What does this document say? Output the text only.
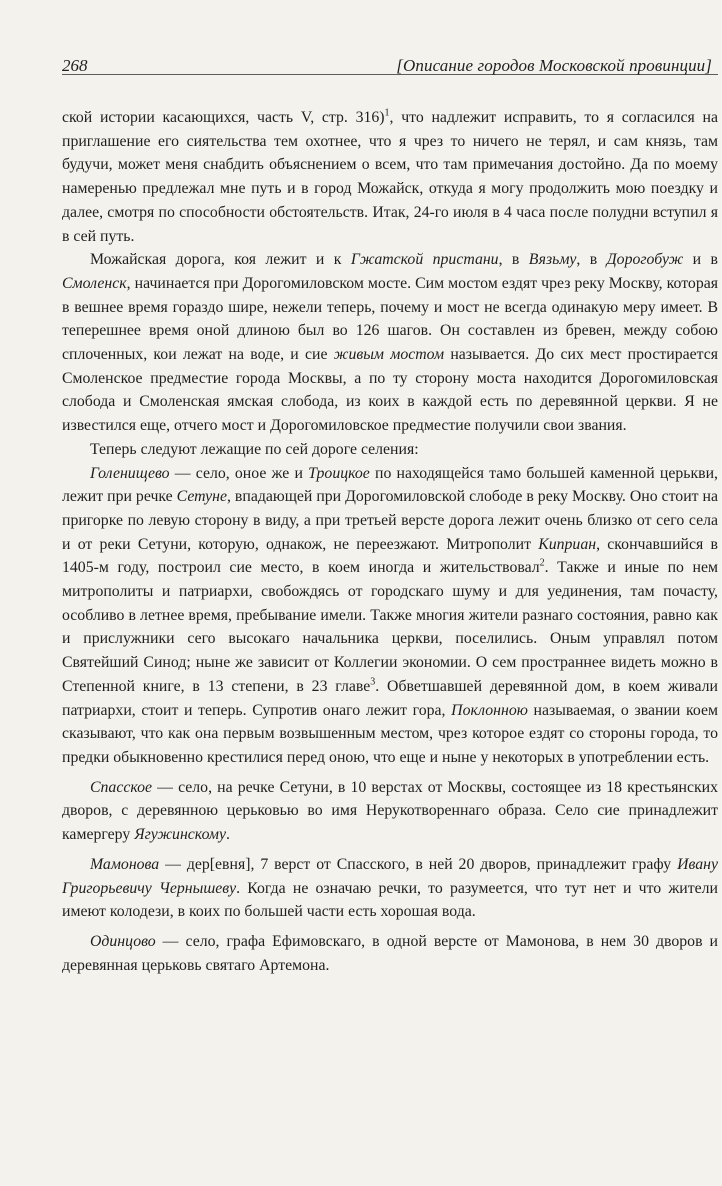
268	[Описание городов Московской провинции]

ской истории касающихся, часть V, стр. 316)$^1$, что надлежит исправить, то я согласился на приглашение его сиятельства тем охотнее, что я чрез то ничего не терял, и сам князь, там будучи, может меня снабдить объяснением о всем, что там примечания достойно. Да по моему намеренью предлежал мне путь и в город Можайск, откуда я могу продолжить мою поездку и далее, смотря по способности обстоятельств. Итак, 24-го июля в 4 часа после полудни вступил я в сей путь.

Можайская дорога, коя лежит и к Гжатской пристани, в Вязьму, в Дорогобуж и в Смоленск, начинается при Дорогомиловском мосте. Сим мостом ездят чрез реку Москву, которая в вешнее время гораздо шире, нежели теперь, почему и мост не всегда одинакую меру имеет. В теперешнее время оной длиною был во 126 шагов. Он составлен из бревен, между собою сплоченных, кои лежат на воде, и сие живым мостом называется. До сих мест простирается Смоленское предместие города Москвы, а по ту сторону моста находится Дорогомиловская слобода и Смоленская ямская слобода, из коих в каждой есть по деревянной церкви. Я не известился еще, отчего мост и Дорогомиловское предместие получили свои звания.

Теперь следуют лежащие по сей дороге селения:

Голенищево — село, оное же и Троицкое по находящейся тамо большей каменной церькви, лежит при речке Сетуне, впадающей при Дорогомиловской слободе в реку Москву. Оно стоит на пригорке по левую сторону в виду, а при третьей версте дорога лежит очень близко от сего села и от реки Сетуни, которую, однакож, не переезжают. Митрополит Киприан, скончавшийся в 1405-м году, построил сие место, в коем иногда и жительствовал$^2$. Также и иные по нем митрополиты и патриархи, свобождясь от городскаго шуму и для уединения, там почасту, особливо в летнее время, пребывание имели. Также многия жители разнаго состояния, равно как и прислужники сего высокаго начальника церкви, поселились. Оным управлял потом Святейший Синод; ныне же зависит от Коллегии экономии. О сем пространнее видеть можно в Степенной книге, в 13 степени, в 23 главе$^3$. Обветшавшей деревянной дом, в коем живали патриархи, стоит и теперь. Супротив онаго лежит гора, Поклонною называемая, о звании коем сказывают, что как она первым возвышенным местом, чрез которое ездят со стороны города, то предки обыкновенно крестилися перед оною, что еще и ныне у некоторых в употреблении есть.

Спасское — село, на речке Сетуни, в 10 верстах от Москвы, состоящее из 18 крестьянских дворов, с деревянною церьковью во имя Нерукотвореннаго образа. Село сие принадлежит камергеру Ягужинскому.

Мамонова — дер[евня], 7 верст от Спасского, в ней 20 дворов, принадлежит графу Ивану Григорьевичу Чернышеву. Когда не означаю речки, то разумеется, что тут нет и что жители имеют колодези, в коих по большей части есть хорошая вода.

Одинцово — село, графа Ефимовскаго, в одной версте от Мамонова, в нем 30 дворов и деревянная церьковь святаго Артемона.
